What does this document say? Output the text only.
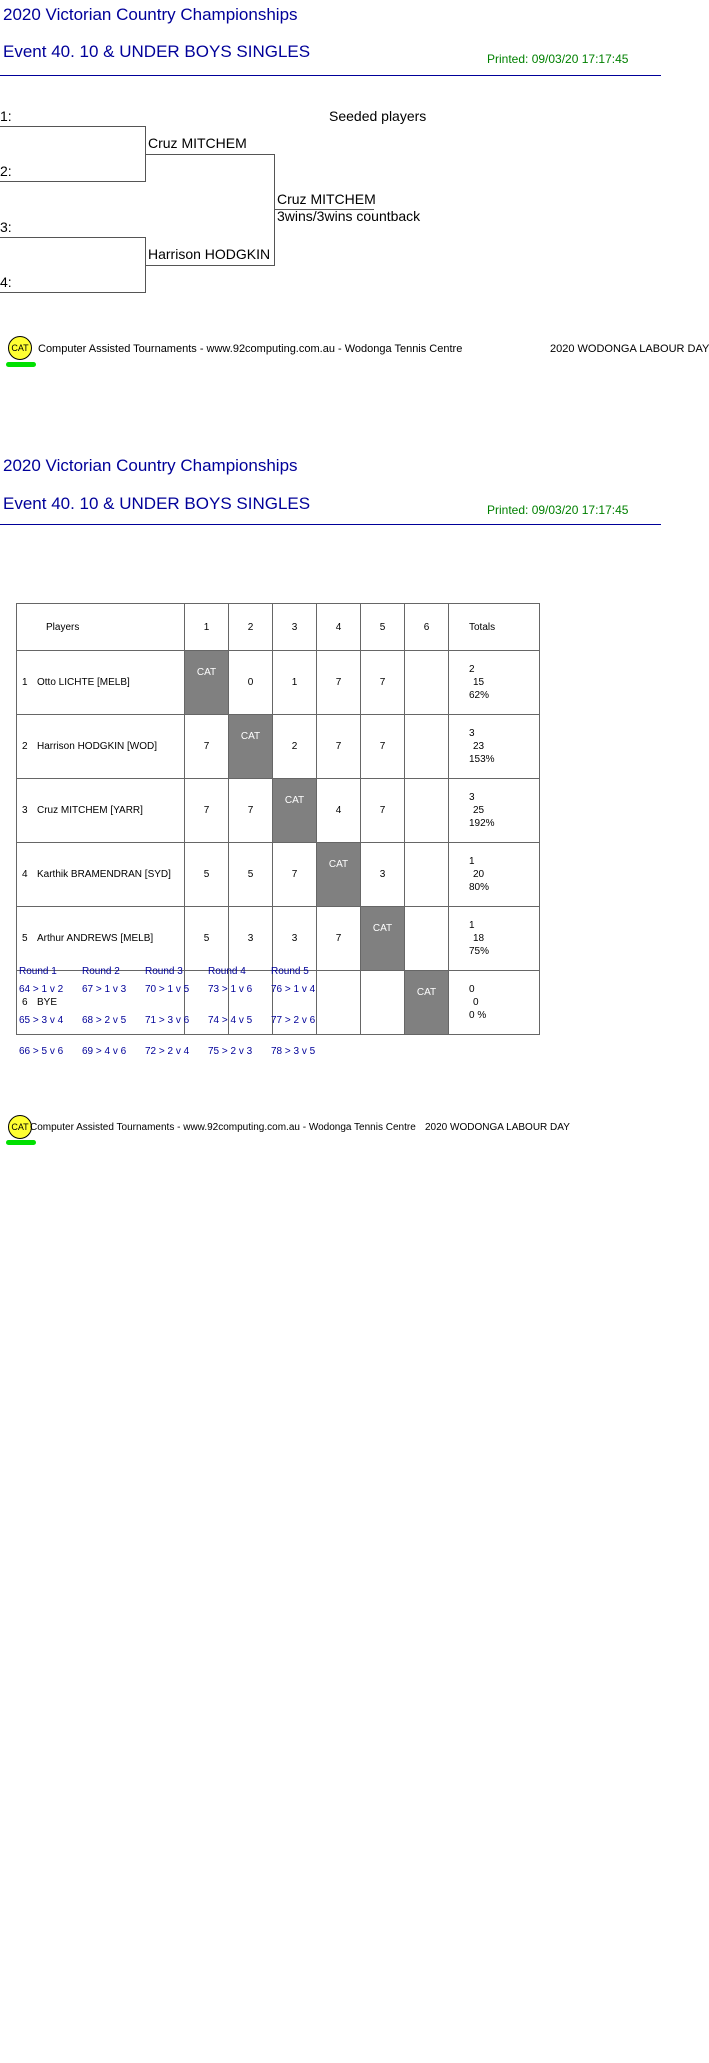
2020 Victorian Country Championships
Event 40. 10 & UNDER BOYS SINGLES	Printed: 09/03/20 17:17:45
1:
2:
3:
4:
Cruz MITCHEM
Harrison HODGKIN
Cruz MITCHEM
3wins/3wins countback
Seeded players
CAT Computer Assisted Tournaments - www.92computing.com.au - Wodonga Tennis Centre	2020 WODONGA LABOUR DAY
2020 Victorian Country Championships
Event 40. 10 & UNDER BOYS SINGLES	Printed: 09/03/20 17:17:45
Players	1	2	3	4	5	6	Totals
1 Otto LICHTE [MELB]	CAT	0	1	7	7		2
15
62%

2 Harrison HODGKIN [WOD]	7	CAT	2	7	7		3
23
153%

3 Cruz MITCHEM [YARR]	7	7	CAT	4	7		3
25
192%

4 Karthik BRAMENDRAN [SYD]	5	5	7	CAT	3		1
20
80%

5 Arthur ANDREWS [MELB]	5	3	3	7	CAT		1
18
75%

6 BYE						CAT	0
0
0 %
Round 1
64 > 1 v 2
65 > 3 v 4
66 > 5 v 6
Round 2
67 > 1 v 3
68 > 2 v 5
69 > 4 v 6
Round 3
70 > 1 v 5
71 > 3 v 6
72 > 2 v 4
Round 4
73 > 1 v 6
74 > 4 v 5
75 > 2 v 3
Round 5
76 > 1 v 4
77 > 2 v 6
78 > 3 v 5
CAT Computer Assisted Tournaments - www.92computing.com.au - Wodonga Tennis Centre 2020 WODONGA LABOUR DAY
